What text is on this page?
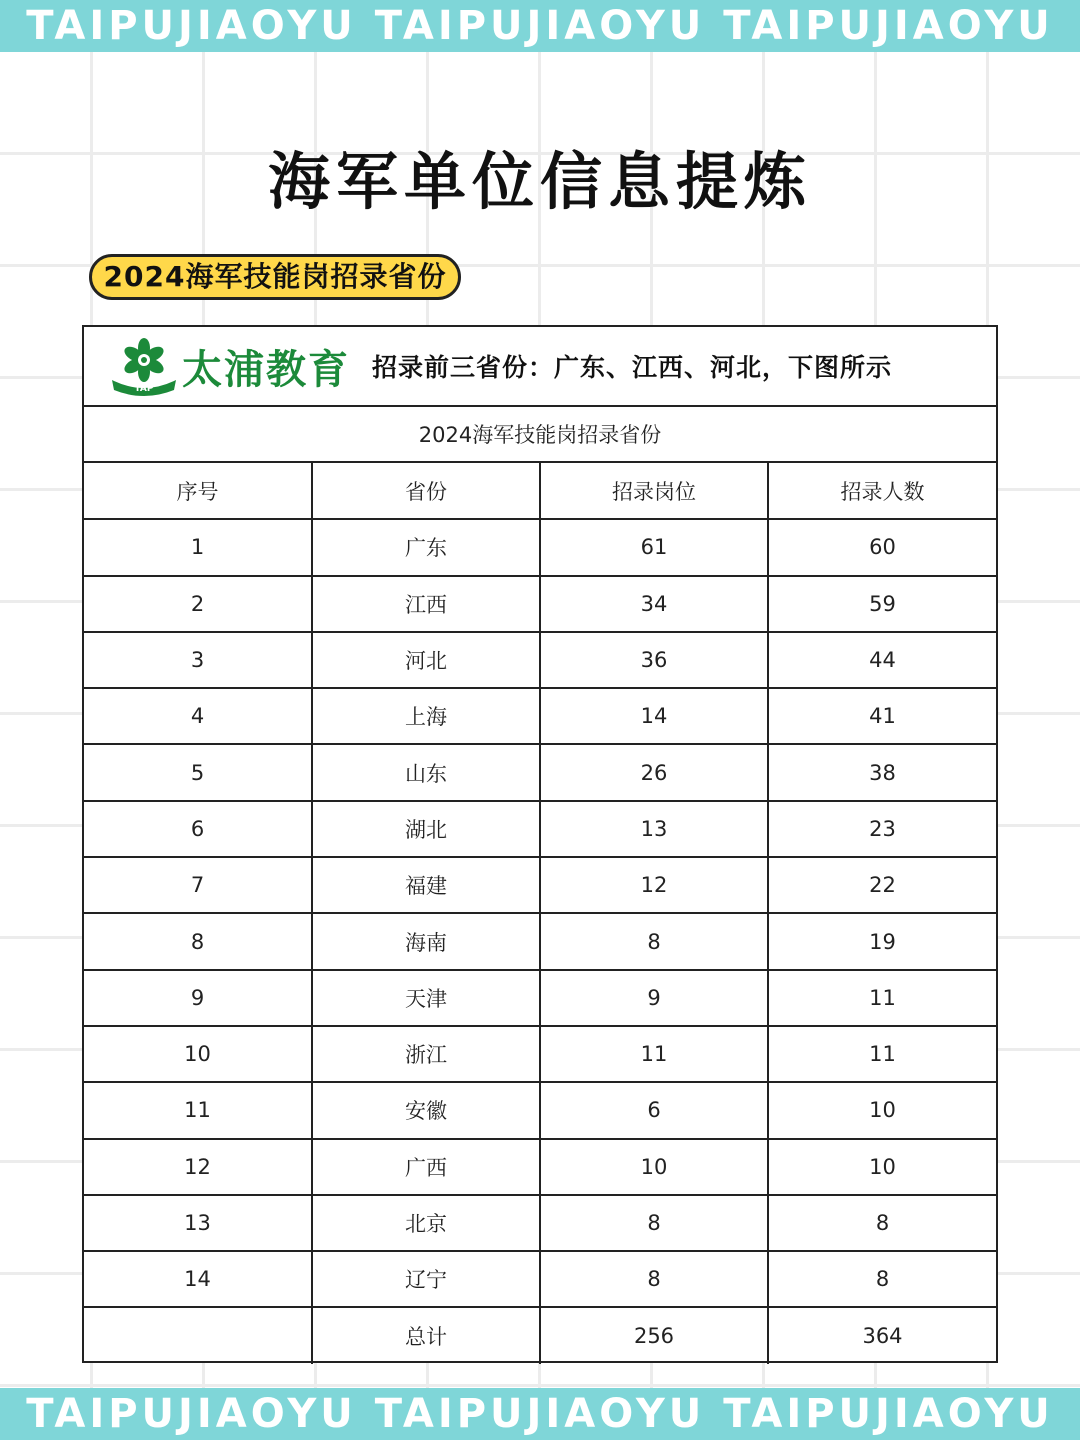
TAIPUJIAOYU TAIPUJIAOYU TAIPUJIAOYU
海军单位信息提炼
2024海军技能岗招录省份
TAP 太浦教育 招录前三省份：广东、江西、河北，下图所示
2024海军技能岗招录省份
序号	省份	招录岗位	招录人数
1	广东	61	60
2	江西	34	59
3	河北	36	44
4	上海	14	41
5	山东	26	38
6	湖北	13	23
7	福建	12	22
8	海南	8	19
9	天津	9	11
10	浙江	11	11
11	安徽	6	10
12	广西	10	10
13	北京	8	8
14	辽宁	8	8
	总计	256	364
TAIPUJIAOYU TAIPUJIAOYU TAIPUJIAOYU
